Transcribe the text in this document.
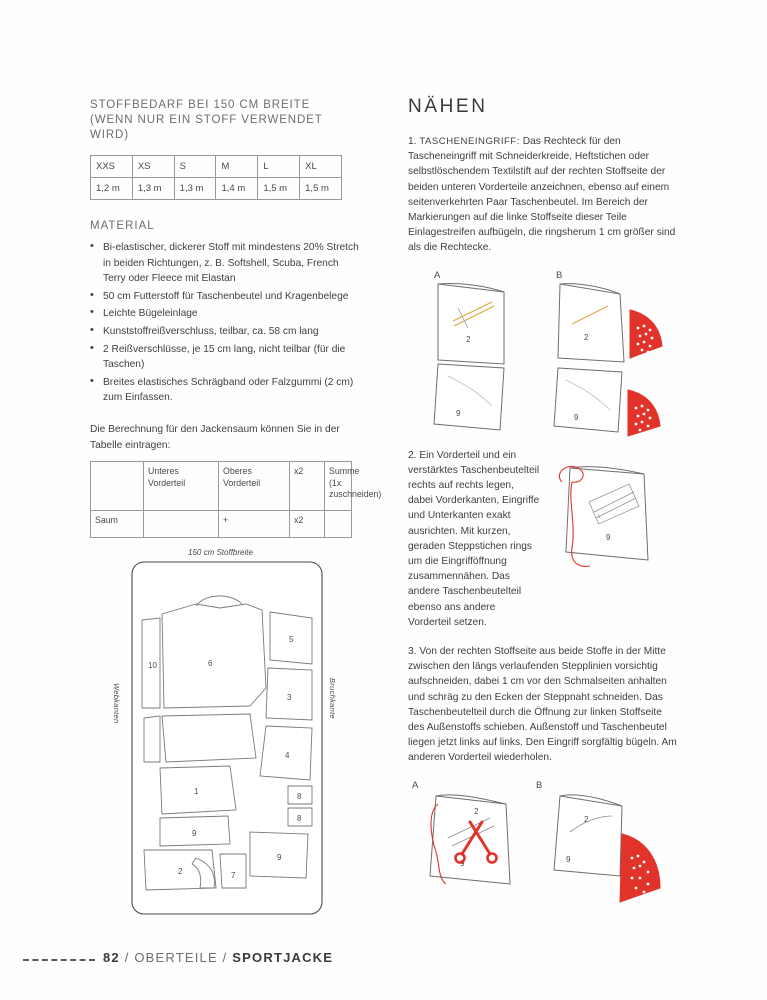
STOFFBEDARF BEI 150 CM BREITE
(WENN NUR EIN STOFF VERWENDET WIRD)
XXS	XS	S	M	L	XL
1,2 m	1,3 m	1,3 m	1,4 m	1,5 m	1,5 m
MATERIAL
• Bi-elastischer, dickerer Stoff mit mindestens 20% Stretch in beiden Richtungen, z. B. Softshell, Scuba, French Terry oder Fleece mit Elastan
• 50 cm Futterstoff für Taschenbeutel und Kragenbelege
• Leichte Bügeleinlage
• Kunststoffreißverschluss, teilbar, ca. 58 cm lang
• 2 Reißverschlüsse, je 15 cm lang, nicht teilbar (für die Taschen)
• Breites elastisches Schrägband oder Falzgummi (2 cm) zum Einfassen.

Die Berechnung für den Jackensaum können Sie in der Tabelle eintragen:

	Unteres Vorderteil	Oberes Vorderteil	x2	Summe (1x zuschneiden)
Saum		+	x2	
150 cm Stoffbreite
Webkanten	Bruchkante
6
10
5
3
4
1
9
8
8
9
2	7
NÄHEN

1. TASCHENEINGRIFF: Das Rechteck für den Tascheneingriff mit Schneiderkreide, Heftstichen oder selbstlöschendem Textilstift auf der rechten Stoffseite der beiden unteren Vorderteile anzeichnen, ebenso auf einem seitenverkehrten Paar Taschenbeutel. Im Bereich der Markierungen auf die linke Stoffseite dieser Teile Einlagestreifen aufbügeln, die ringsherum 1 cm größer sind als die Rechtecke.

A	B
2
9
2
9

2. Ein Vorderteil und ein verstärktes Taschenbeutelteil rechts auf rechts legen, dabei Vorderkanten, Eingriffe und Unterkanten exakt ausrichten. Mit kurzen, geraden Steppstichen rings um die Eingrifföffnung zusammennähen. Das andere Taschenbeutelteil ebenso ans andere Vorderteil setzen.

9

3. Von der rechten Stoffseite aus beide Stoffe in der Mitte zwischen den längs verlaufenden Stepplinien vorsichtig aufschneiden, dabei 1 cm vor den Schmalseiten anhalten und schräg zu den Ecken der Steppnaht schneiden. Das Taschenbeutelteil durch die Öffnung zur linken Stoffseite des Außenstoffs schieben. Außenstoff und Taschenbeutel liegen jetzt links auf links. Den Eingriff sorgfältig bügeln. Am anderen Vorderteil wiederholen.

A	B
2
9
2
9
82 / OBERTEILE / SPORTJACKE
